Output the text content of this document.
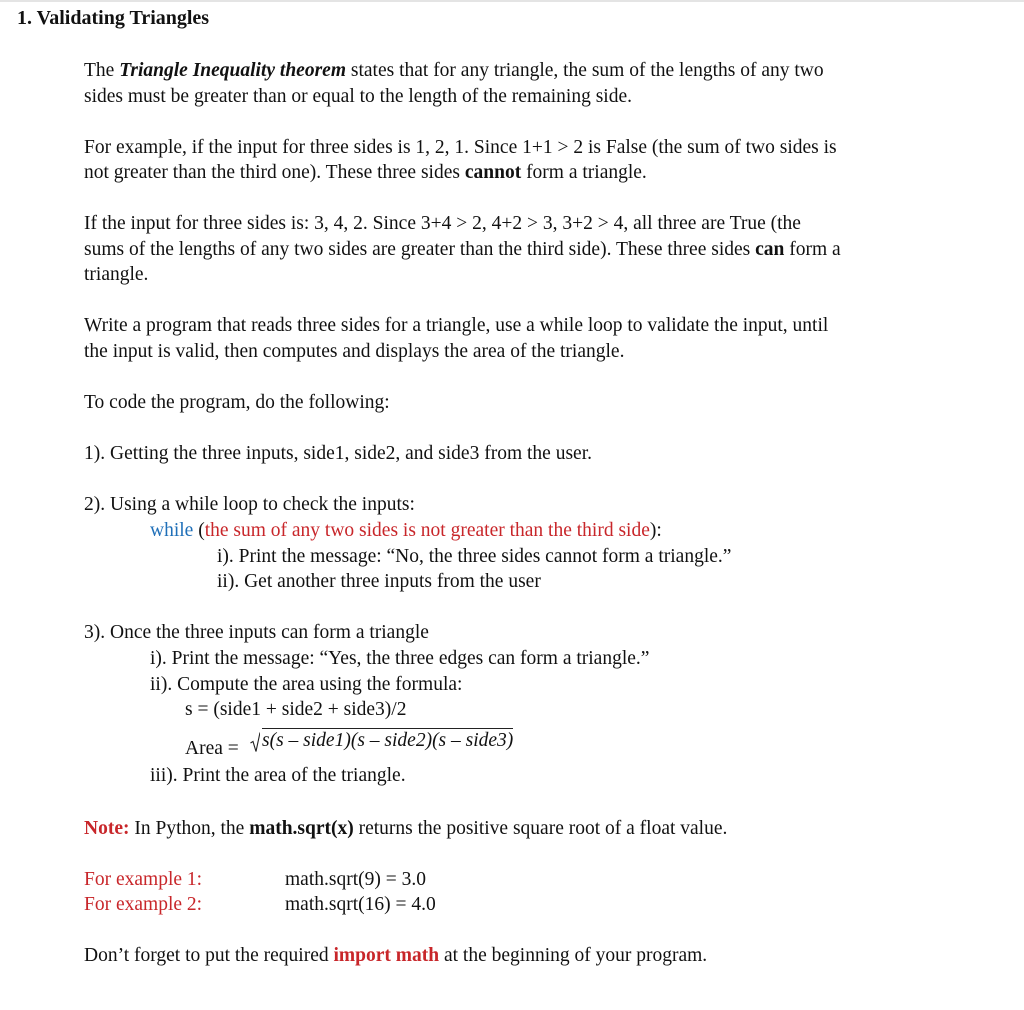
1. Validating Triangles
The Triangle Inequality theorem states that for any triangle, the sum of the lengths of any two
sides must be greater than or equal to the length of the remaining side.
For example, if the input for three sides is 1, 2, 1. Since 1+1 > 2 is False (the sum of two sides is
not greater than the third one). These three sides cannot form a triangle.
If the input for three sides is: 3, 4, 2. Since 3+4 > 2, 4+2 > 3, 3+2 > 4, all three are True (the
sums of the lengths of any two sides are greater than the third side). These three sides can form a
triangle.
Write a program that reads three sides for a triangle, use a while loop to validate the input, until
the input is valid, then computes and displays the area of the triangle.
To code the program, do the following:
1). Getting the three inputs, side1, side2, and side3 from the user.
2). Using a while loop to check the inputs:
while (the sum of any two sides is not greater than the third side):
i). Print the message: “No, the three sides cannot form a triangle.”
ii). Get another three inputs from the user
3). Once the three inputs can form a triangle
i). Print the message: “Yes, the three edges can form a triangle.”
ii). Compute the area using the formula:
s = (side1 + side2 + side3)/2
Area = s(s – side1)(s – side2)(s – side3)
iii). Print the area of the triangle.
Note: In Python, the math.sqrt(x) returns the positive square root of a float value.
For example 1:	math.sqrt(9) = 3.0
For example 2:	math.sqrt(16) = 4.0
Don’t forget to put the required import math at the beginning of your program.
